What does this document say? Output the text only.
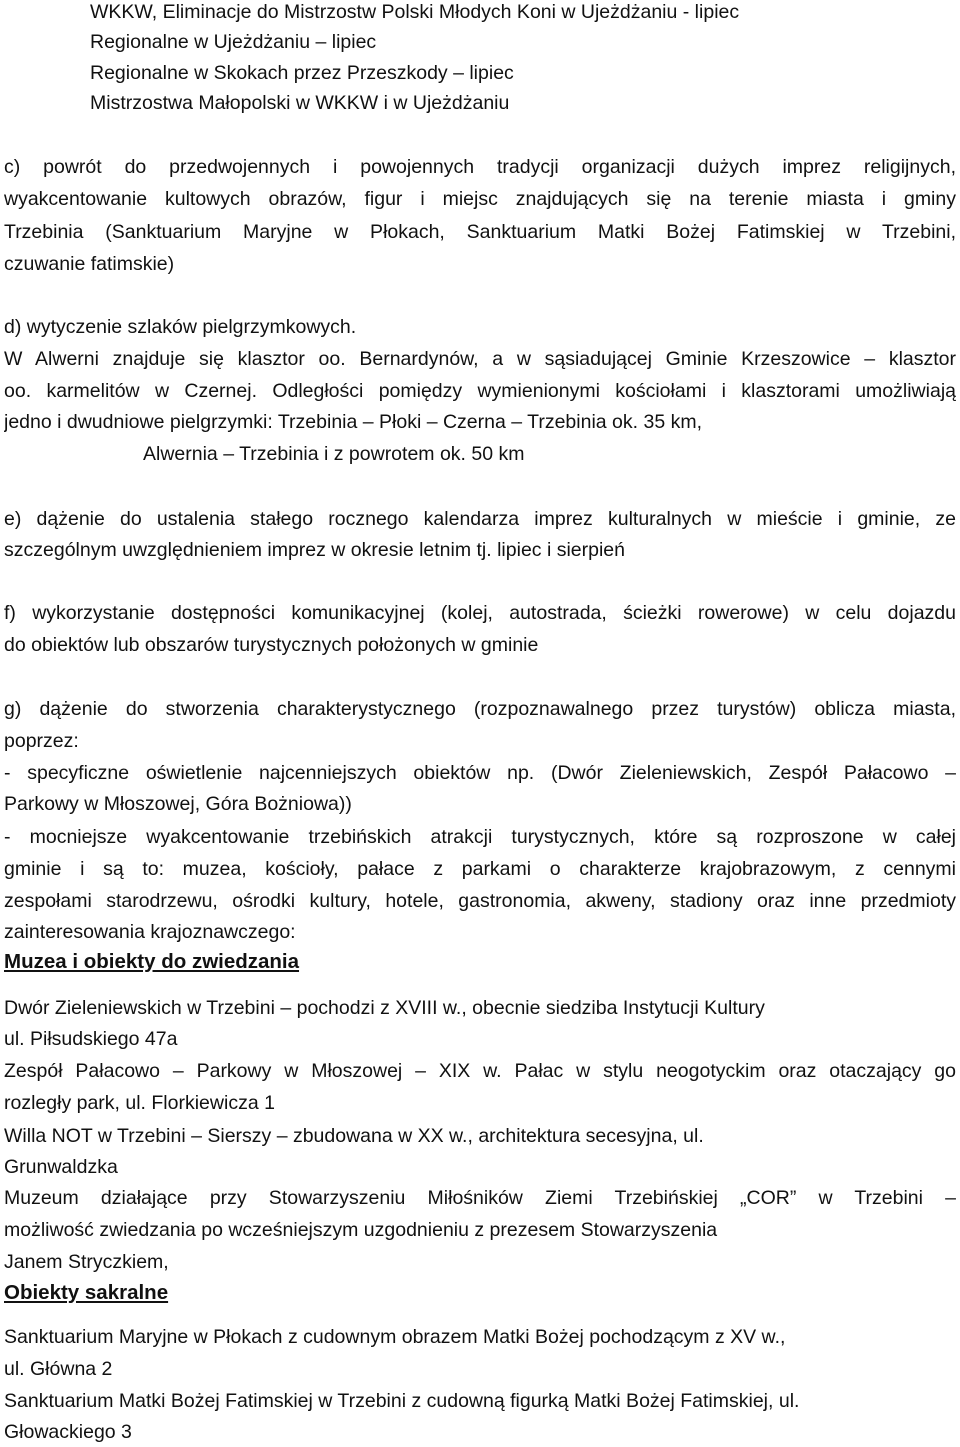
WKKW, Eliminacje do Mistrzostw Polski Młodych Koni w Ujeżdżaniu - lipiec
Regionalne w Ujeżdżaniu – lipiec
Regionalne w Skokach przez Przeszkody – lipiec
Mistrzostwa Małopolski w WKKW i w Ujeżdżaniu
c) powrót do przedwojennych i powojennych tradycji organizacji dużych imprez religijnych,
wyakcentowanie kultowych obrazów, figur i miejsc znajdujących się na terenie miasta i gminy
Trzebinia (Sanktuarium Maryjne w Płokach, Sanktuarium Matki Bożej Fatimskiej w Trzebini,
czuwanie fatimskie)
d) wytyczenie szlaków pielgrzymkowych.
W Alwerni znajduje się klasztor oo. Bernardynów, a w sąsiadującej Gminie Krzeszowice – klasztor
oo. karmelitów w Czernej. Odległości pomiędzy wymienionymi kościołami i klasztorami umożliwiają
jedno i dwudniowe pielgrzymki: Trzebinia – Płoki – Czerna – Trzebinia ok. 35 km,
Alwernia – Trzebinia i z powrotem ok. 50 km
e) dążenie do ustalenia stałego rocznego kalendarza imprez kulturalnych w mieście i gminie, ze
szczególnym uwzględnieniem imprez w okresie letnim tj. lipiec i sierpień
f) wykorzystanie dostępności komunikacyjnej (kolej, autostrada, ścieżki rowerowe) w celu dojazdu
do obiektów lub obszarów turystycznych położonych w gminie
g) dążenie do stworzenia charakterystycznego (rozpoznawalnego przez turystów) oblicza miasta,
poprzez:
- specyficzne oświetlenie najcenniejszych obiektów np. (Dwór Zieleniewskich, Zespół Pałacowo –
Parkowy w Młoszowej, Góra Bożniowa))
- mocniejsze wyakcentowanie trzebińskich atrakcji turystycznych, które są rozproszone w całej
gminie i są to: muzea, kościoły, pałace z parkami o charakterze krajobrazowym, z cennymi
zespołami starodrzewu, ośrodki kultury, hotele, gastronomia, akweny, stadiony oraz inne przedmioty
zainteresowania krajoznawczego:
Muzea i obiekty do zwiedzania
Dwór Zieleniewskich w Trzebini – pochodzi z XVIII w., obecnie siedziba Instytucji Kultury
ul. Piłsudskiego 47a
Zespół Pałacowo – Parkowy w Młoszowej – XIX w. Pałac w stylu neogotyckim oraz otaczający go
rozległy park, ul. Florkiewicza 1
Willa NOT w Trzebini – Sierszy – zbudowana w XX w., architektura secesyjna, ul.
Grunwaldzka
Muzeum działające przy Stowarzyszeniu Miłośników Ziemi Trzebińskiej „COR” w Trzebini –
możliwość zwiedzania po wcześniejszym uzgodnieniu z prezesem Stowarzyszenia
Janem Stryczkiem,
Obiekty sakralne
Sanktuarium Maryjne w Płokach z cudownym obrazem Matki Bożej pochodzącym z XV w.,
ul. Główna 2
Sanktuarium Matki Bożej Fatimskiej w Trzebini z cudowną figurką Matki Bożej Fatimskiej, ul.
Głowackiego 3
